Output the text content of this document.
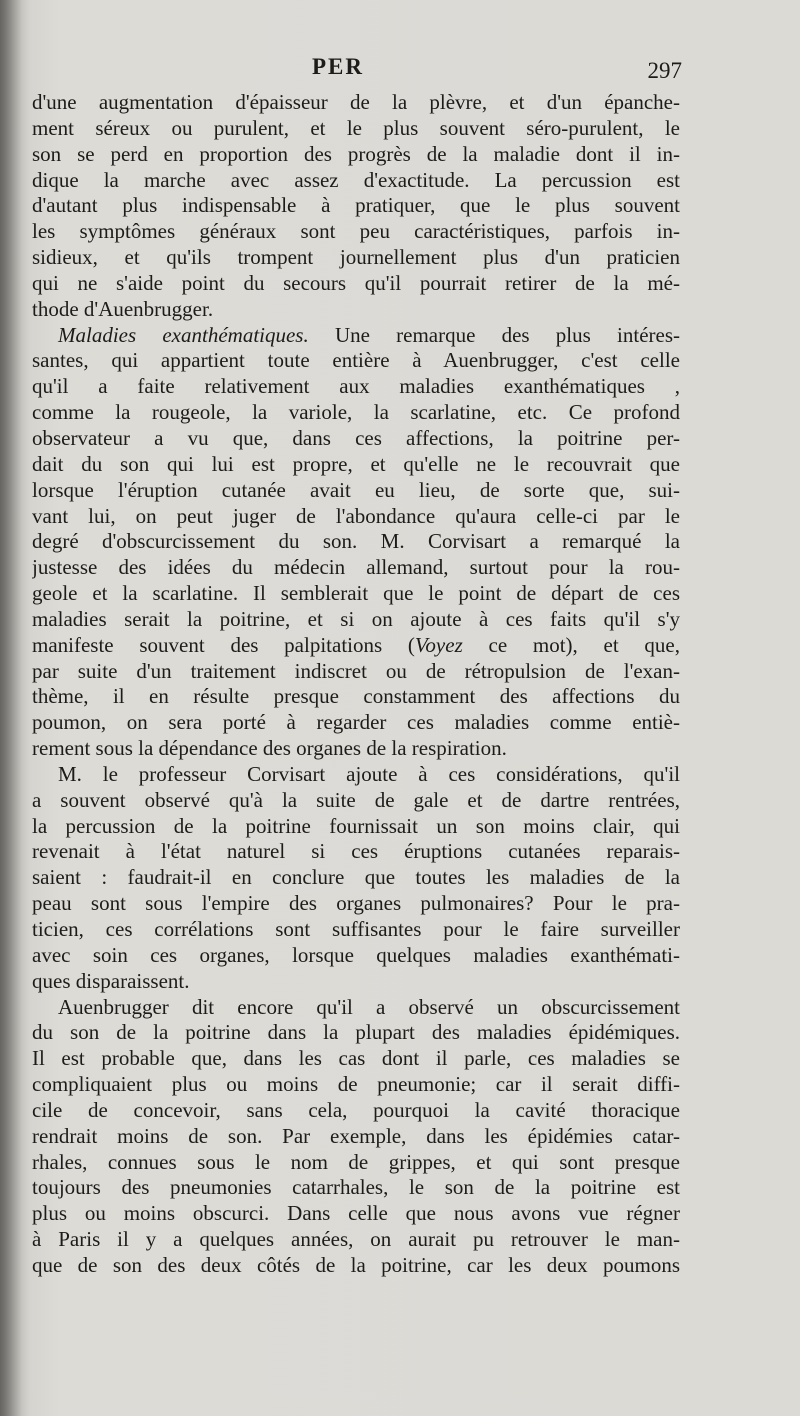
PER	297
d'une augmentation d'épaisseur de la plèvre, et d'un épanche-
ment séreux ou purulent, et le plus souvent séro-purulent, le
son se perd en proportion des progrès de la maladie dont il in-
dique la marche avec assez d'exactitude. La percussion est
d'autant plus indispensable à pratiquer, que le plus souvent
les symptômes généraux sont peu caractéristiques, parfois in-
sidieux, et qu'ils trompent journellement plus d'un praticien
qui ne s'aide point du secours qu'il pourrait retirer de la mé-
thode d'Auenbrugger.
Maladies exanthématiques. Une remarque des plus intéres-
santes, qui appartient toute entière à Auenbrugger, c'est celle
qu'il a faite relativement aux maladies exanthématiques ,
comme la rougeole, la variole, la scarlatine, etc. Ce profond
observateur a vu que, dans ces affections, la poitrine per-
dait du son qui lui est propre, et qu'elle ne le recouvrait que
lorsque l'éruption cutanée avait eu lieu, de sorte que, sui-
vant lui, on peut juger de l'abondance qu'aura celle-ci par le
degré d'obscurcissement du son. M. Corvisart a remarqué la
justesse des idées du médecin allemand, surtout pour la rou-
geole et la scarlatine. Il semblerait que le point de départ de ces
maladies serait la poitrine, et si on ajoute à ces faits qu'il s'y
manifeste souvent des palpitations (Voyez ce mot), et que,
par suite d'un traitement indiscret ou de rétropulsion de l'exan-
thème, il en résulte presque constamment des affections du
poumon, on sera porté à regarder ces maladies comme entiè-
rement sous la dépendance des organes de la respiration.
M. le professeur Corvisart ajoute à ces considérations, qu'il
a souvent observé qu'à la suite de gale et de dartre rentrées,
la percussion de la poitrine fournissait un son moins clair, qui
revenait à l'état naturel si ces éruptions cutanées reparais-
saient : faudrait-il en conclure que toutes les maladies de la
peau sont sous l'empire des organes pulmonaires? Pour le pra-
ticien, ces corrélations sont suffisantes pour le faire surveiller
avec soin ces organes, lorsque quelques maladies exanthémati-
ques disparaissent.
Auenbrugger dit encore qu'il a observé un obscurcissement
du son de la poitrine dans la plupart des maladies épidémiques.
Il est probable que, dans les cas dont il parle, ces maladies se
compliquaient plus ou moins de pneumonie; car il serait diffi-
cile de concevoir, sans cela, pourquoi la cavité thoracique
rendrait moins de son. Par exemple, dans les épidémies catar-
rhales, connues sous le nom de grippes, et qui sont presque
toujours des pneumonies catarrhales, le son de la poitrine est
plus ou moins obscurci. Dans celle que nous avons vue régner
à Paris il y a quelques années, on aurait pu retrouver le man-
que de son des deux côtés de la poitrine, car les deux poumons
